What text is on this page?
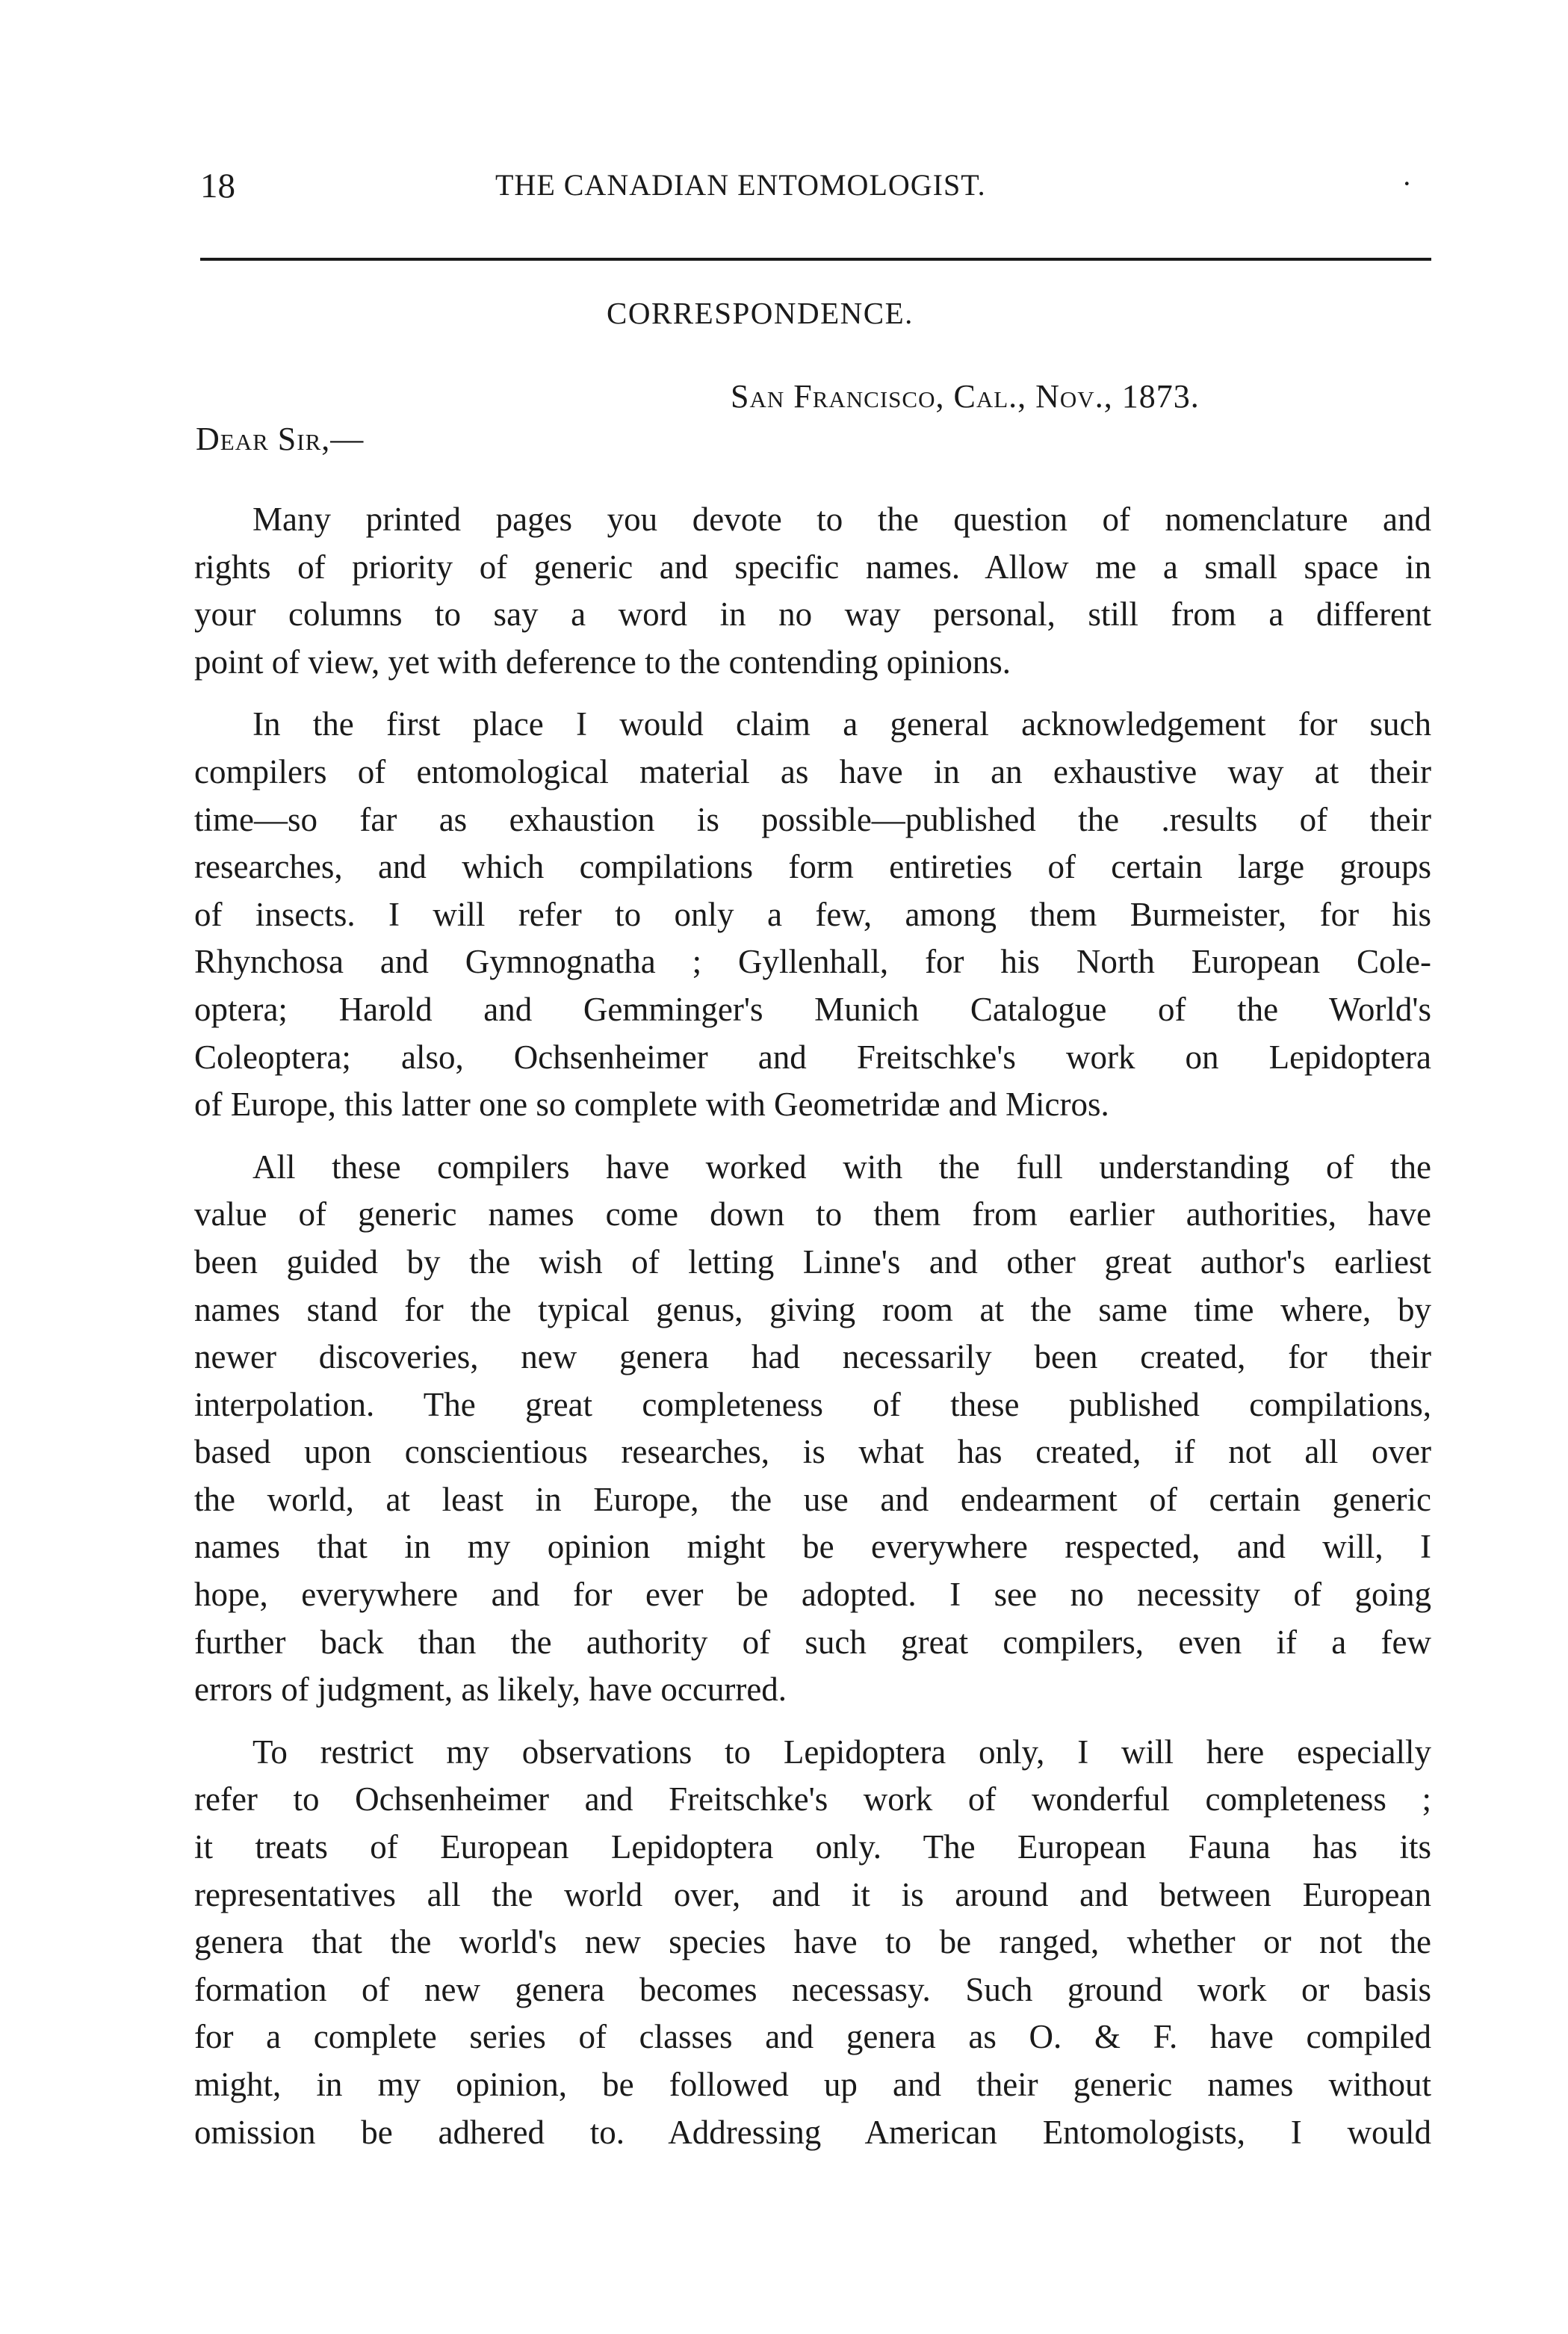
18	THE CANADIAN ENTOMOLOGIST.	·
CORRESPONDENCE.
San Francisco, Cal., Nov., 1873.
Dear Sir,—
Many printed pages you devote to the question of nomenclature and
rights of priority of generic and specific names. Allow me a small space in
your columns to say a word in no way personal, still from a different
point of view, yet with deference to the contending opinions.
In the first place I would claim a general acknowledgement for such
compilers of entomological material as have in an exhaustive way at their
time—so far as exhaustion is possible—published the .results of their
researches, and which compilations form entireties of certain large groups
of insects. I will refer to only a few, among them Burmeister, for his
Rhynchosa and Gymnognatha ; Gyllenhall, for his North European Cole-
optera; Harold and Gemminger's Munich Catalogue of the World's
Coleoptera; also, Ochsenheimer and Freitschke's work on Lepidoptera
of Europe, this latter one so complete with Geometridæ and Micros.
All these compilers have worked with the full understanding of the
value of generic names come down to them from earlier authorities, have
been guided by the wish of letting Linne's and other great author's earliest
names stand for the typical genus, giving room at the same time where, by
newer discoveries, new genera had necessarily been created, for their
interpolation. The great completeness of these published compilations,
based upon conscientious researches, is what has created, if not all over
the world, at least in Europe, the use and endearment of certain generic
names that in my opinion might be everywhere respected, and will, I
hope, everywhere and for ever be adopted. I see no necessity of going
further back than the authority of such great compilers, even if a few
errors of judgment, as likely, have occurred.
To restrict my observations to Lepidoptera only, I will here especially
refer to Ochsenheimer and Freitschke's work of wonderful completeness ;
it treats of European Lepidoptera only. The European Fauna has its
representatives all the world over, and it is around and between European
genera that the world's new species have to be ranged, whether or not the
formation of new genera becomes necessasy. Such ground work or basis
for a complete series of classes and genera as O. & F. have compiled
might, in my opinion, be followed up and their generic names without
omission be adhered to. Addressing American Entomologists, I would
